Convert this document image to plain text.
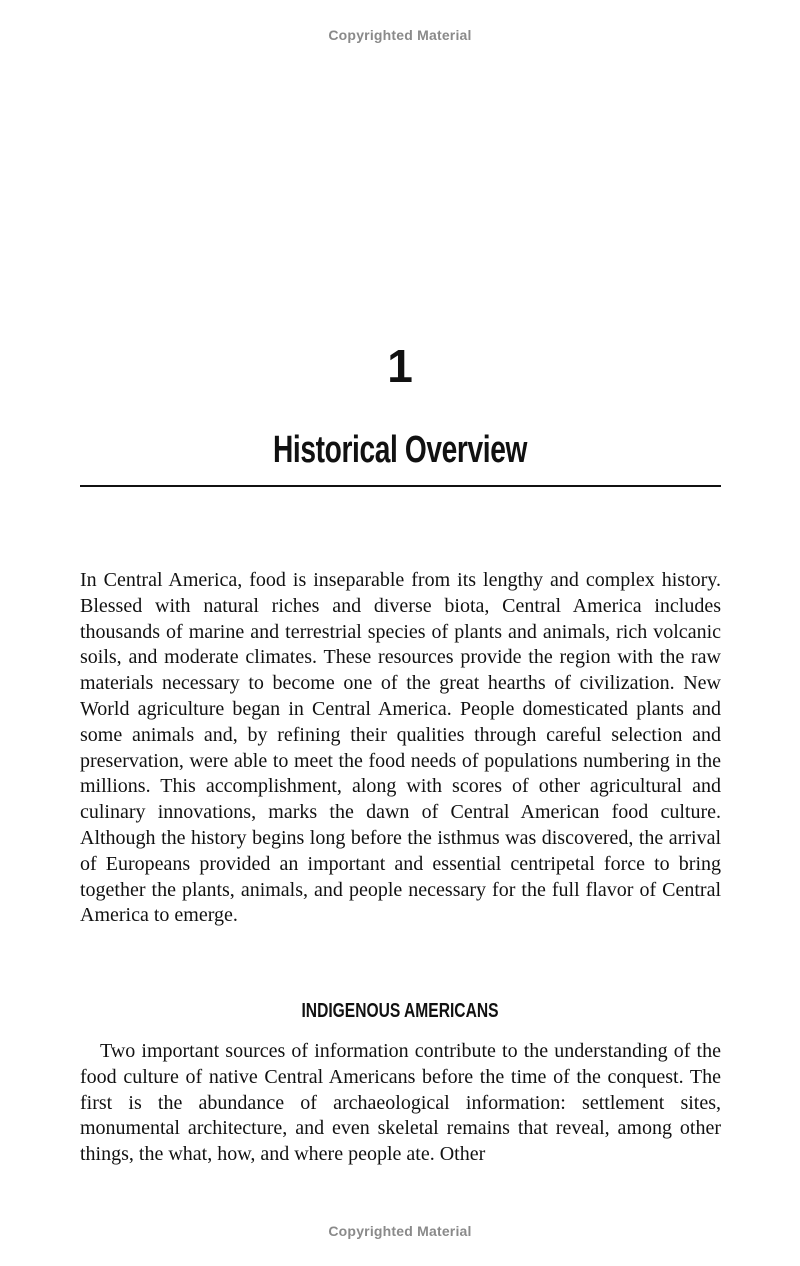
Copyrighted Material
1
Historical Overview

In Central America, food is inseparable from its lengthy and complex history. Blessed with natural riches and diverse biota, Central America includes thousands of marine and terrestrial species of plants and animals, rich volcanic soils, and moderate climates. These resources provide the region with the raw materials necessary to become one of the great hearths of civilization. New World agriculture began in Central America. People domesticated plants and some animals and, by refining their qualities through careful selection and preservation, were able to meet the food needs of populations numbering in the millions. This accomplishment, along with scores of other agricultural and culinary innovations, marks the dawn of Central American food culture. Although the history begins long before the isthmus was discovered, the arrival of Europeans provided an important and essential centripetal force to bring together the plants, animals, and people necessary for the full flavor of Central America to emerge.

INDIGENOUS AMERICANS

Two important sources of information contribute to the understanding of the food culture of native Central Americans before the time of the conquest. The first is the abundance of archaeological information: settlement sites, monumental architecture, and even skeletal remains that reveal, among other things, the what, how, and where people ate. Other

Copyrighted Material
